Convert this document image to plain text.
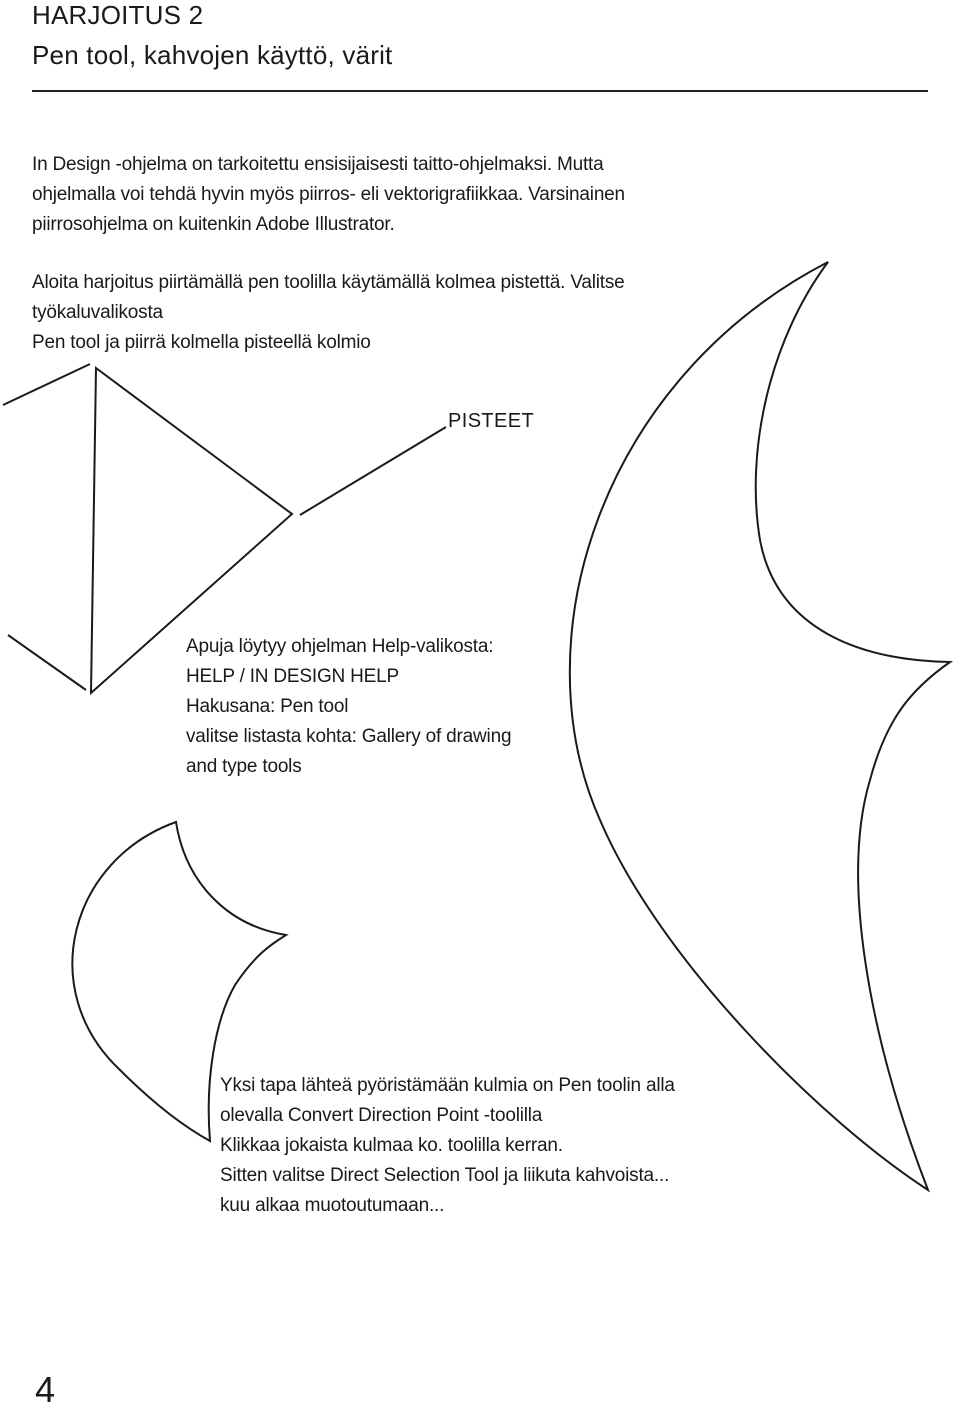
HARJOITUS 2
Pen tool, kahvojen käyttö, värit

In Design -ohjelma on tarkoitettu ensisijaisesti taitto-ohjelmaksi. Mutta
ohjelmalla voi tehdä hyvin myös piirros- eli vektorigrafiikkaa. Varsinainen
piirrosohjelma on kuitenkin Adobe Illustrator.

Aloita harjoitus piirtämällä pen toolilla käytämällä kolmea pistettä. Valitse
työkaluvalikosta
Pen tool ja piirrä kolmella pisteellä kolmio

PISTEET

Apuja löytyy ohjelman Help-valikosta:
HELP / IN DESIGN HELP
Hakusana: Pen tool
valitse listasta kohta: Gallery of drawing
and type tools

Yksi tapa lähteä pyöristämään kulmia on Pen toolin alla
olevalla Convert Direction Point -toolilla
Klikkaa jokaista kulmaa ko. toolilla kerran.
Sitten valitse Direct Selection Tool ja liikuta kahvoista...
kuu alkaa muotoutumaan...

4
